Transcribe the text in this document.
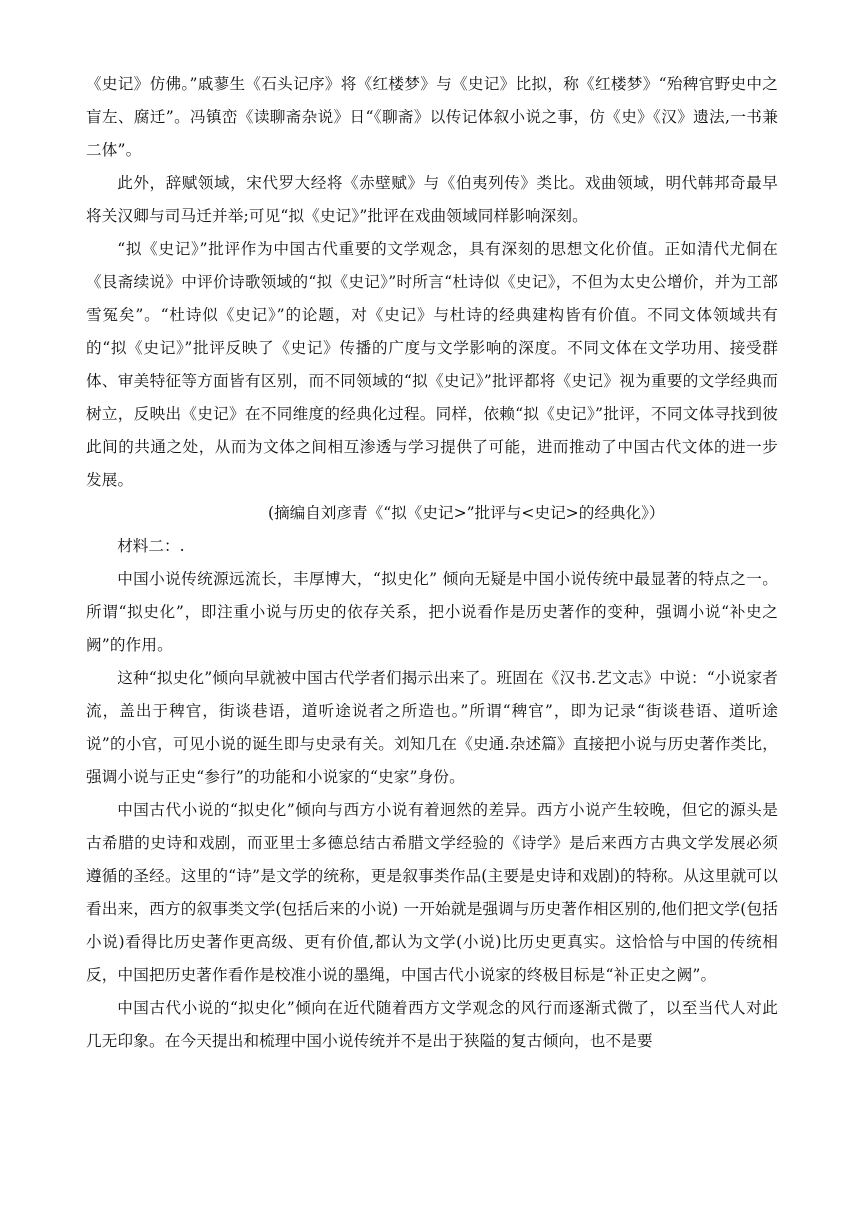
《史记》仿佛。”戚蓼生《石头记序》将《红楼梦》与《史记》比拟，称《红楼梦》“殆稗官野史中之盲左、腐迁”。冯镇峦《读聊斋杂说》日“《聊斋》以传记体叙小说之事，仿《史》《汉》遗法,一书兼二体”。

此外，辞赋领域，宋代罗大经将《赤壁赋》与《伯夷列传》类比。戏曲领域，明代韩邦奇最早将关汉卿与司马迁并举;可见“拟《史记》”批评在戏曲领域同样影响深刻。

“拟《史记》”批评作为中国古代重要的文学观念，具有深刻的思想文化价值。正如清代尤侗在《艮斋续说》中评价诗歌领域的“拟《史记》”时所言“杜诗似《史记》，不但为太史公增价，并为工部雪冤矣”。“杜诗似《史记》”的论题，对《史记》与杜诗的经典建构皆有价值。不同文体领域共有的“拟《史记》”批评反映了《史记》传播的广度与文学影响的深度。不同文体在文学功用、接受群体、审美特征等方面皆有区别，而不同领域的“拟《史记》”批评都将《史记》视为重要的文学经典而树立，反映出《史记》在不同维度的经典化过程。同样，依赖“拟《史记》”批评，不同文体寻找到彼此间的共通之处，从而为文体之间相互渗透与学习提供了可能，进而推动了中国古代文体的进一步发展。

(摘编自刘彦青《“拟《史记>”批评与<史记>的经典化》）

材料二：.

中国小说传统源远流长，丰厚博大，“拟史化” 倾向无疑是中国小说传统中最显著的特点之一。所谓“拟史化”，即注重小说与历史的依存关系，把小说看作是历史著作的变种，强调小说“补史之阙”的作用。

这种“拟史化”倾向早就被中国古代学者们揭示出来了。班固在《汉书.艺文志》中说：“小说家者流，盖出于稗官，街谈巷语，道听途说者之所造也。”所谓“稗官”，即为记录“街谈巷语、道听途说”的小官，可见小说的诞生即与史录有关。刘知几在《史通.杂述篇》直接把小说与历史著作类比，强调小说与正史“参行”的功能和小说家的“史家”身份。

中国古代小说的“拟史化”倾向与西方小说有着迥然的差异。西方小说产生较晚，但它的源头是古希腊的史诗和戏剧，而亚里士多德总结古希腊文学经验的《诗学》是后来西方古典文学发展必须遵循的圣经。这里的“诗”是文学的统称，更是叙事类作品(主要是史诗和戏剧)的特称。从这里就可以看出来，西方的叙事类文学(包括后来的小说) 一开始就是强调与历史著作相区别的,他们把文学(包括小说)看得比历史著作更高级、更有价值,都认为文学(小说)比历史更真实。这恰恰与中国的传统相反，中国把历史著作看作是校准小说的墨绳，中国古代小说家的终极目标是“补正史之阙”。

中国古代小说的“拟史化”倾向在近代随着西方文学观念的风行而逐渐式微了，以至当代人对此几无印象。在今天提出和梳理中国小说传统并不是出于狭隘的复古倾向，也不是要
